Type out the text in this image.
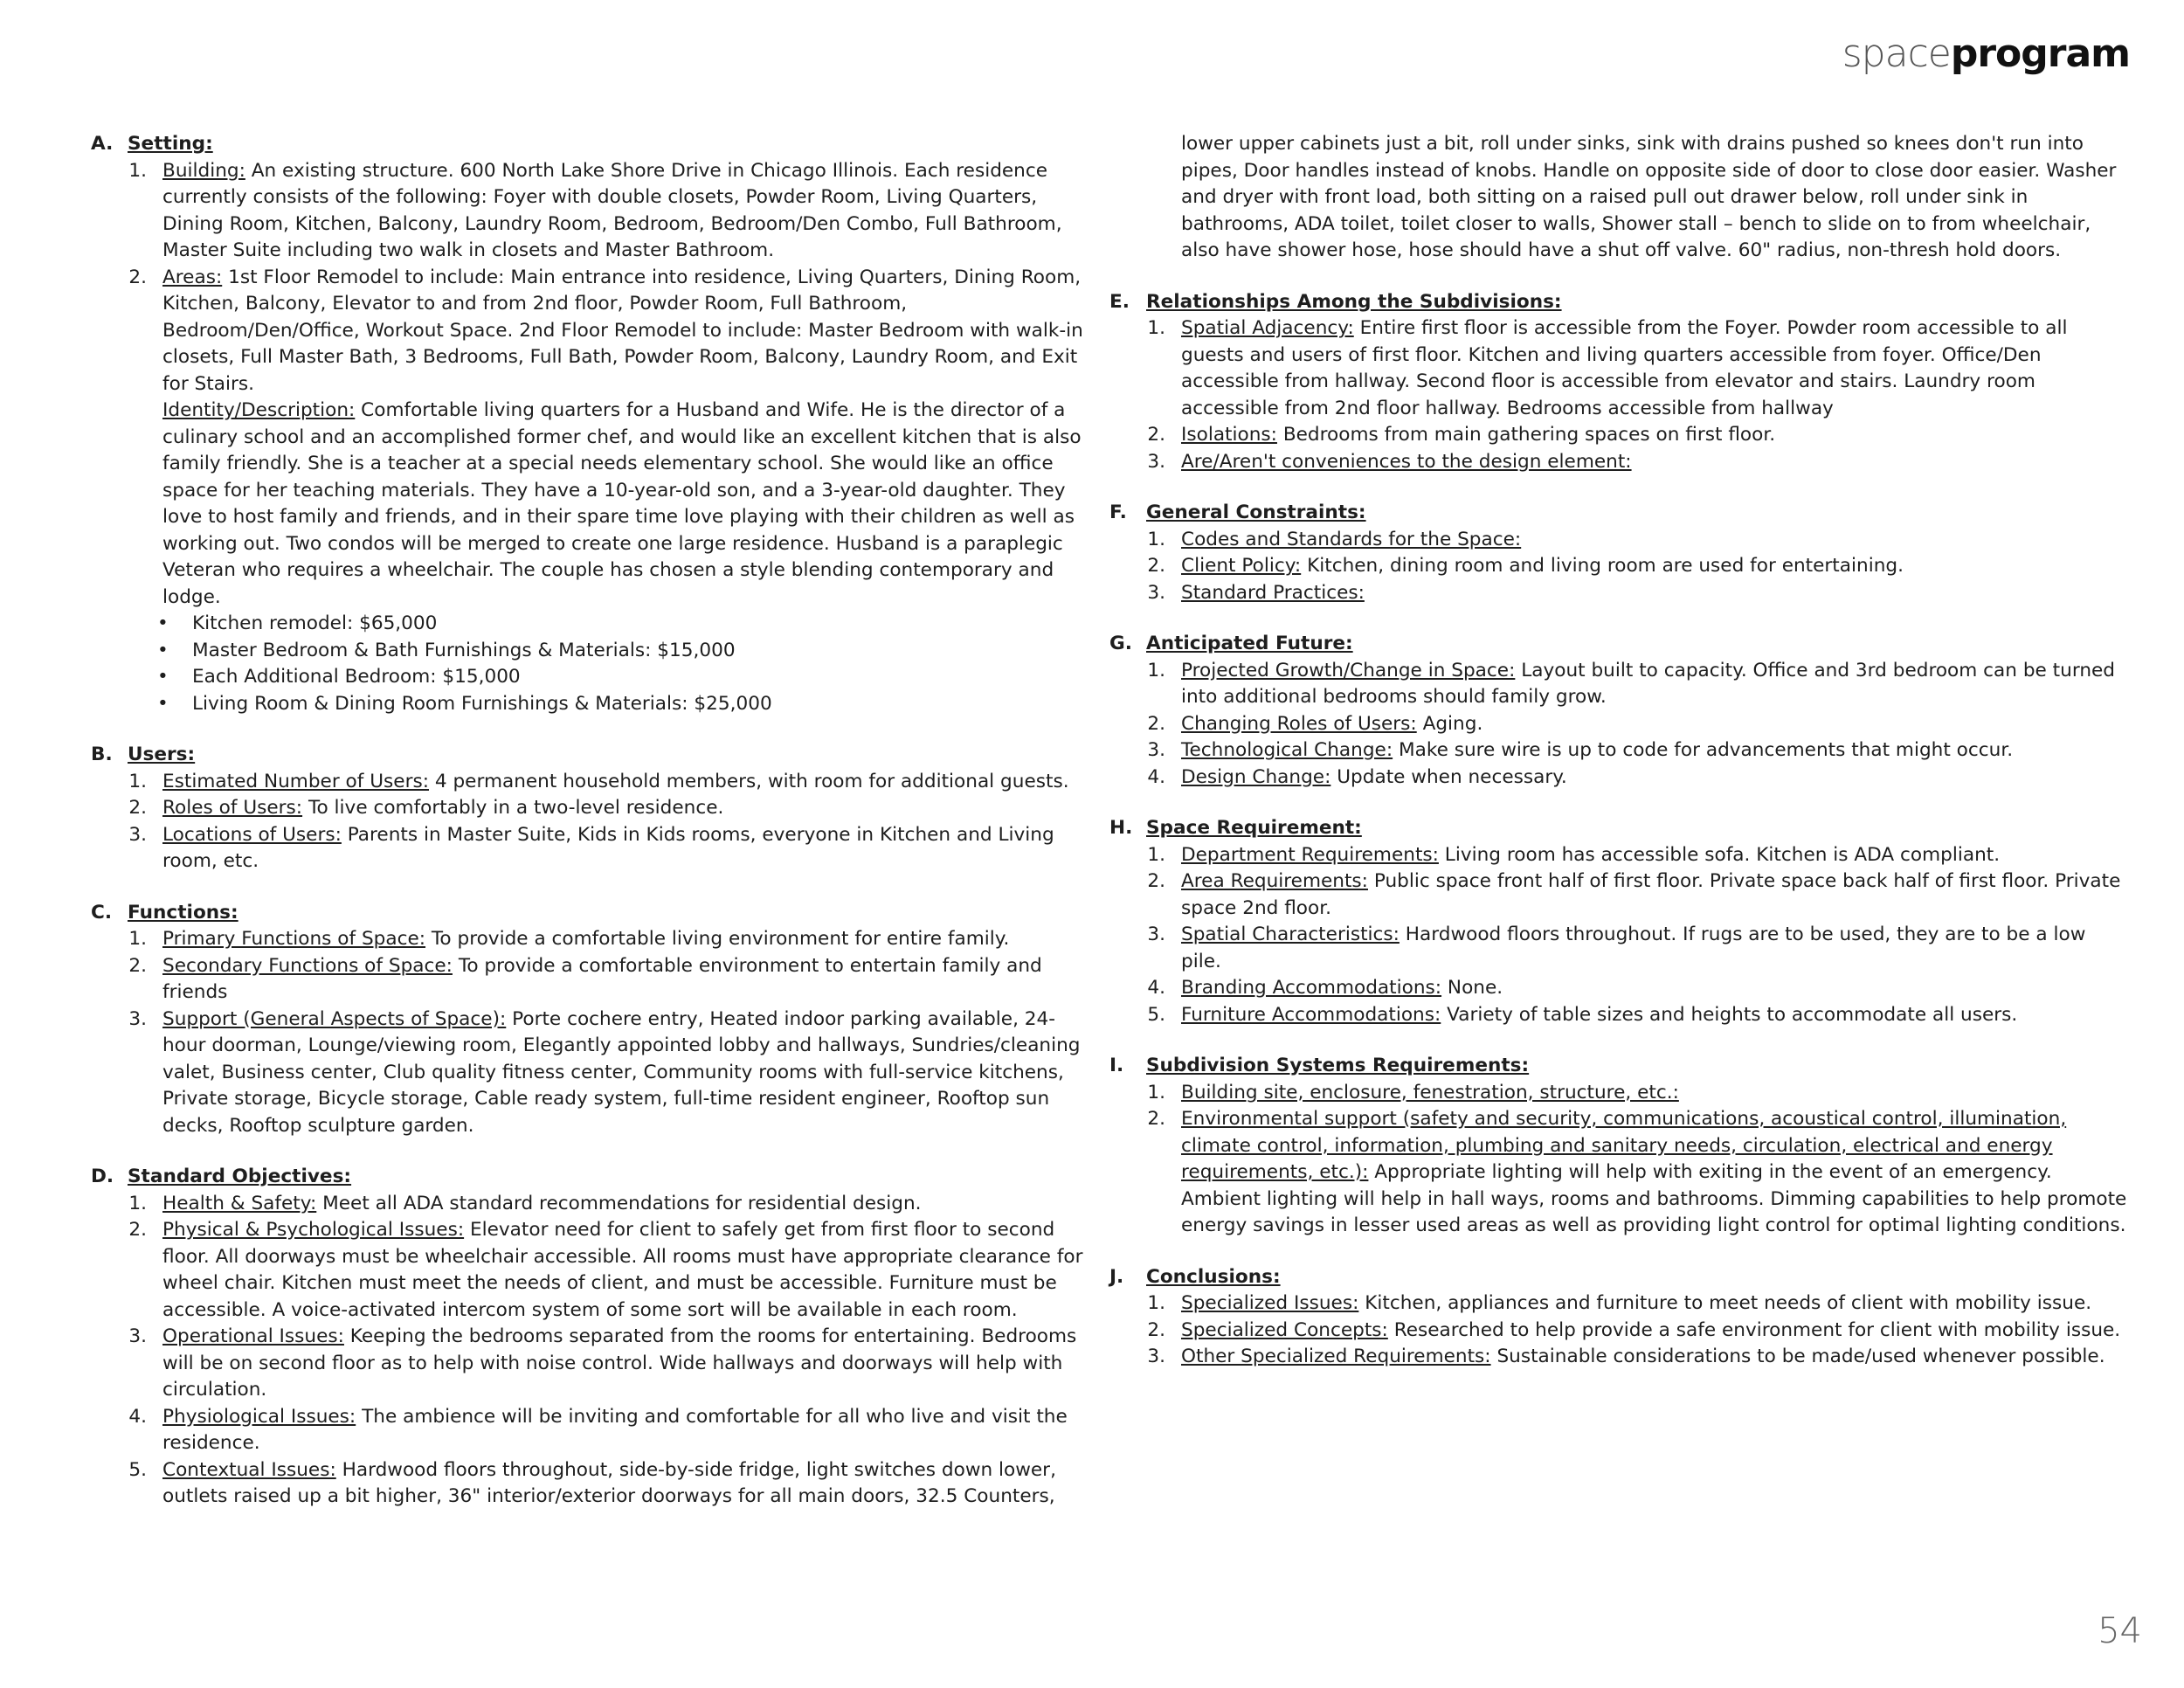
spaceprogram
A. Setting:
1. Building: An existing structure. 600 North Lake Shore Drive in Chicago Illinois. Each residence currently consists of the following: Foyer with double closets, Powder Room, Living Quarters, Dining Room, Kitchen, Balcony, Laundry Room, Bedroom, Bedroom/Den Combo, Full Bathroom, Master Suite including two walk in closets and Master Bathroom.
2. Areas: 1st Floor Remodel to include: Main entrance into residence, Living Quarters, Dining Room, Kitchen, Balcony, Elevator to and from 2nd floor, Powder Room, Full Bathroom, Bedroom/Den/Office, Workout Space. 2nd Floor Remodel to include: Master Bedroom with walk-in closets, Full Master Bath, 3 Bedrooms, Full Bath, Powder Room, Balcony, Laundry Room, and Exit for Stairs.

Identity/Description: Comfortable living quarters for a Husband and Wife. He is the director of a culinary school and an accomplished former chef, and would like an excellent kitchen that is also family friendly. She is a teacher at a special needs elementary school. She would like an office space for her teaching materials. They have a 10-year-old son, and a 3-year-old daughter. They love to host family and friends, and in their spare time love playing with their children as well as working out. Two condos will be merged to create one large residence. Husband is a paraplegic Veteran who requires a wheelchair. The couple has chosen a style blending contemporary and lodge.

•	Kitchen remodel: $65,000
•	Master Bedroom & Bath Furnishings & Materials: $15,000
•	Each Additional Bedroom: $15,000
•	Living Room & Dining Room Furnishings & Materials: $25,000
B. Users:
1. Estimated Number of Users: 4 permanent household members, with room for additional guests.
2. Roles of Users: To live comfortably in a two-level residence.
3. Locations of Users: Parents in Master Suite, Kids in Kids rooms, everyone in Kitchen and Living room, etc.
C. Functions:
1. Primary Functions of Space: To provide a comfortable living environment for entire family.
2. Secondary Functions of Space: To provide a comfortable environment to entertain family and friends
3. Support (General Aspects of Space): Porte cochere entry, Heated indoor parking available, 24-hour doorman, Lounge/viewing room, Elegantly appointed lobby and hallways, Sundries/cleaning valet, Business center, Club quality fitness center, Community rooms with full-service kitchens, Private storage, Bicycle storage, Cable ready system, full-time resident engineer, Rooftop sun decks, Rooftop sculpture garden.
D. Standard Objectives:
1. Health & Safety: Meet all ADA standard recommendations for residential design.
2. Physical & Psychological Issues: Elevator need for client to safely get from first floor to second floor. All doorways must be wheelchair accessible. All rooms must have appropriate clearance for wheel chair. Kitchen must meet the needs of client, and must be accessible. Furniture must be accessible. A voice-activated intercom system of some sort will be available in each room.
3. Operational Issues: Keeping the bedrooms separated from the rooms for entertaining. Bedrooms will be on second floor as to help with noise control. Wide hallways and doorways will help with circulation.
4. Physiological Issues: The ambience will be inviting and comfortable for all who live and visit the residence.
5. Contextual Issues: Hardwood floors throughout, side-by-side fridge, light switches down lower, outlets raised up a bit higher, 36" interior/exterior doorways for all main doors, 32.5 Counters,
lower upper cabinets just a bit, roll under sinks, sink with drains pushed so knees don't run into pipes, Door handles instead of knobs. Handle on opposite side of door to close door easier. Washer and dryer with front load, both sitting on a raised pull out drawer below, roll under sink in bathrooms, ADA toilet, toilet closer to walls, Shower stall – bench to slide on to from wheelchair, also have shower hose, hose should have a shut off valve. 60" radius, non-thresh hold doors.
E. Relationships Among the Subdivisions:
1. Spatial Adjacency: Entire first floor is accessible from the Foyer. Powder room accessible to all guests and users of first floor. Kitchen and living quarters accessible from foyer. Office/Den accessible from hallway. Second floor is accessible from elevator and stairs. Laundry room accessible from 2nd floor hallway. Bedrooms accessible from hallway
2. Isolations: Bedrooms from main gathering spaces on first floor.
3. Are/Aren't conveniences to the design element:
F.	General Constraints:
1. Codes and Standards for the Space:
2. Client Policy: Kitchen, dining room and living room are used for entertaining.
3. Standard Practices:
G. Anticipated Future:
1. Projected Growth/Change in Space: Layout built to capacity. Office and 3rd bedroom can be turned into additional bedrooms should family grow.
2. Changing Roles of Users: Aging.
3. Technological Change: Make sure wire is up to code for advancements that might occur.
4. Design Change: Update when necessary.
H. Space Requirement:
1. Department Requirements: Living room has accessible sofa. Kitchen is ADA compliant.
2. Area Requirements: Public space front half of first floor. Private space back half of first floor. Private space 2nd floor.
3. Spatial Characteristics: Hardwood floors throughout. If rugs are to be used, they are to be a low pile.
4. Branding Accommodations: None.
5. Furniture Accommodations: Variety of table sizes and heights to accommodate all users.
I.	Subdivision Systems Requirements:
1. Building site, enclosure, fenestration, structure, etc.:
2. Environmental support (safety and security, communications, acoustical control, illumination, climate control, information, plumbing and sanitary needs, circulation, electrical and energy requirements, etc.): Appropriate lighting will help with exiting in the event of an emergency. Ambient lighting will help in hall ways, rooms and bathrooms. Dimming capabilities to help promote energy savings in lesser used areas as well as providing light control for optimal lighting conditions.
J.	Conclusions:
1. Specialized Issues: Kitchen, appliances and furniture to meet needs of client with mobility issue.
2. Specialized Concepts: Researched to help provide a safe environment for client with mobility issue.
3. Other Specialized Requirements: Sustainable considerations to be made/used whenever possible.
54
